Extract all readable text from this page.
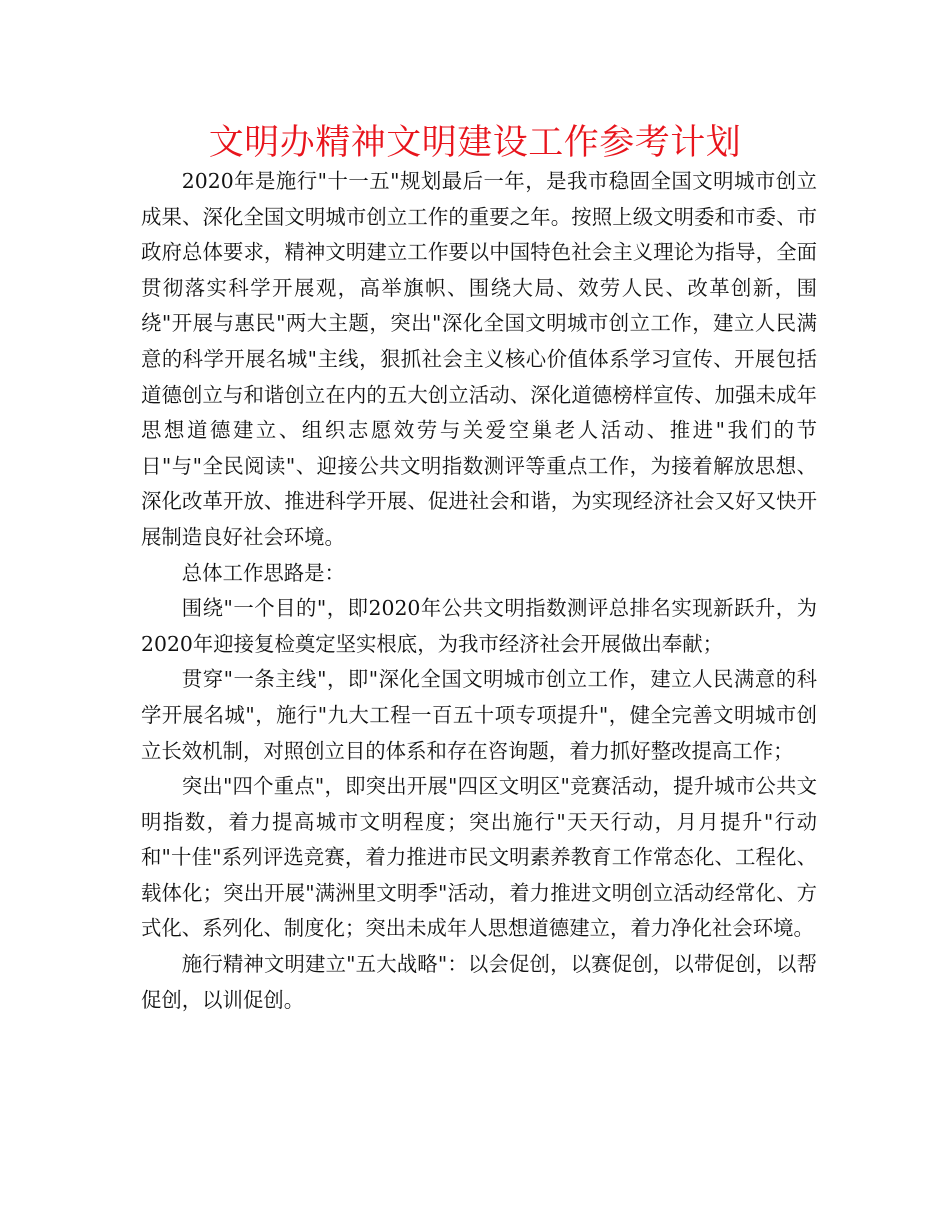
文明办精神文明建设工作参考计划

2020年是施行"十一五"规划最后一年，是我市稳固全国文明城市创立成果、深化全国文明城市创立工作的重要之年。按照上级文明委和市委、市政府总体要求，精神文明建立工作要以中国特色社会主义理论为指导，全面贯彻落实科学开展观，高举旗帜、围绕大局、效劳人民、改革创新，围绕"开展与惠民"两大主题，突出"深化全国文明城市创立工作，建立人民满意的科学开展名城"主线，狠抓社会主义核心价值体系学习宣传、开展包括道德创立与和谐创立在内的五大创立活动、深化道德榜样宣传、加强未成年思想道德建立、组织志愿效劳与关爱空巢老人活动、推进"我们的节日"与"全民阅读"、迎接公共文明指数测评等重点工作，为接着解放思想、深化改革开放、推进科学开展、促进社会和谐，为实现经济社会又好又快开展制造良好社会环境。

总体工作思路是：

围绕"一个目的"，即2020年公共文明指数测评总排名实现新跃升，为2020年迎接复检奠定坚实根底，为我市经济社会开展做出奉献；

贯穿"一条主线"，即"深化全国文明城市创立工作，建立人民满意的科学开展名城"，施行"九大工程一百五十项专项提升"，健全完善文明城市创立长效机制，对照创立目的体系和存在咨询题，着力抓好整改提高工作；

突出"四个重点"，即突出开展"四区文明区"竞赛活动，提升城市公共文明指数，着力提高城市文明程度；突出施行"天天行动，月月提升"行动和"十佳"系列评选竞赛，着力推进市民文明素养教育工作常态化、工程化、载体化；突出开展"满洲里文明季"活动，着力推进文明创立活动经常化、方式化、系列化、制度化；突出未成年人思想道德建立，着力净化社会环境。

施行精神文明建立"五大战略"：以会促创，以赛促创，以带促创，以帮促创，以训促创。
